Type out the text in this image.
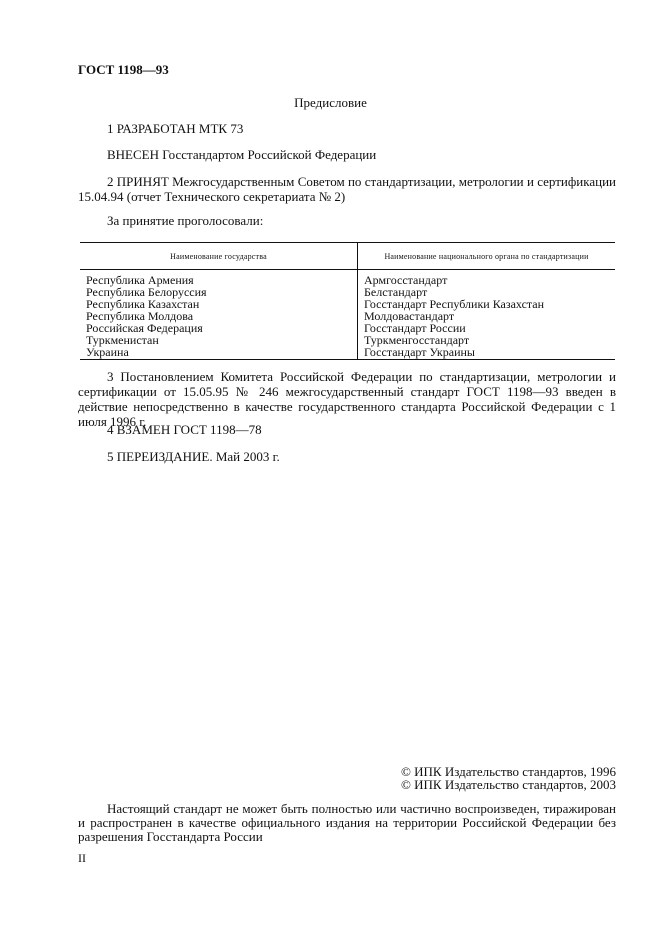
ГОСТ 1198—93
Предисловие
1 РАЗРАБОТАН МТК 73
ВНЕСЕН Госстандартом Российской Федерации
2 ПРИНЯТ Межгосударственным Советом по стандартизации, метрологии и сертификации 15.04.94 (отчет Технического секретариата № 2)
За принятие проголосовали:
Наименование государства	Наименование национального органа по стандартизации
Республика Армения	Армгосстандарт
Республика Белоруссия	Белстандарт
Республика Казахстан	Госстандарт Республики Казахстан
Республика Молдова	Молдовастандарт
Российская Федерация	Госстандарт России
Туркменистан	Туркменгосстандарт
Украина	Госстандарт Украины
3 Постановлением Комитета Российской Федерации по стандартизации, метрологии и сертификации от 15.05.95 № 246 межгосударственный стандарт ГОСТ 1198—93 введен в действие непосредственно в качестве государственного стандарта Российской Федерации с 1 июля 1996 г.
4 ВЗАМЕН ГОСТ 1198—78
5 ПЕРЕИЗДАНИЕ. Май 2003 г.
© ИПК Издательство стандартов, 1996
© ИПК Издательство стандартов, 2003
Настоящий стандарт не может быть полностью или частично воспроизведен, тиражирован и распространен в качестве официального издания на территории Российской Федерации без разрешения Госстандарта России
II
